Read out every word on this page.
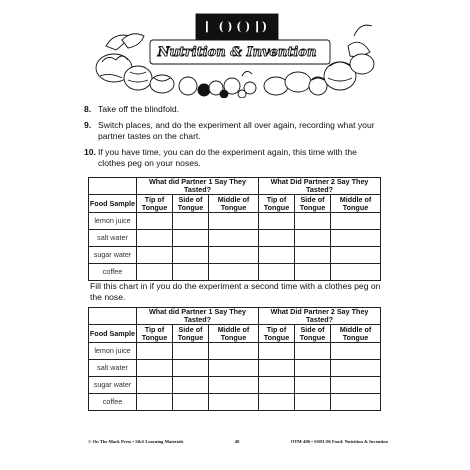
FOOD
Nutrition & Invention
8. Take off the blindfold.
9. Switch places, and do the experiment all over again, recording what your partner tastes on the chart.
10. If you have time, you can do the experiment again, this time with the clothes peg on your noses.
	What did Partner 1 Say They Tasted?			What Did Partner 2 Say They Tasted?		
Food Sample	Tip of Tongue	Side of Tongue	Middle of Tongue	Tip of Tongue	Side of Tongue	Middle of Tongue
lemon juice						
salt water						
sugar water						
coffee						
Fill this chart in if you do the experiment a second time with a clothes peg on the nose.
	What did Partner 1 Say They Tasted?			What Did Partner 2 Say They Tasted?		
Food Sample	Tip of Tongue	Side of Tongue	Middle of Tongue	Tip of Tongue	Side of Tongue	Middle of Tongue
lemon juice						
salt water						
sugar water						
coffee						
© On The Mark Press • S&S Learning Materials	40	OTM-406 • SSD1-06 Food: Nutrition & Invention
